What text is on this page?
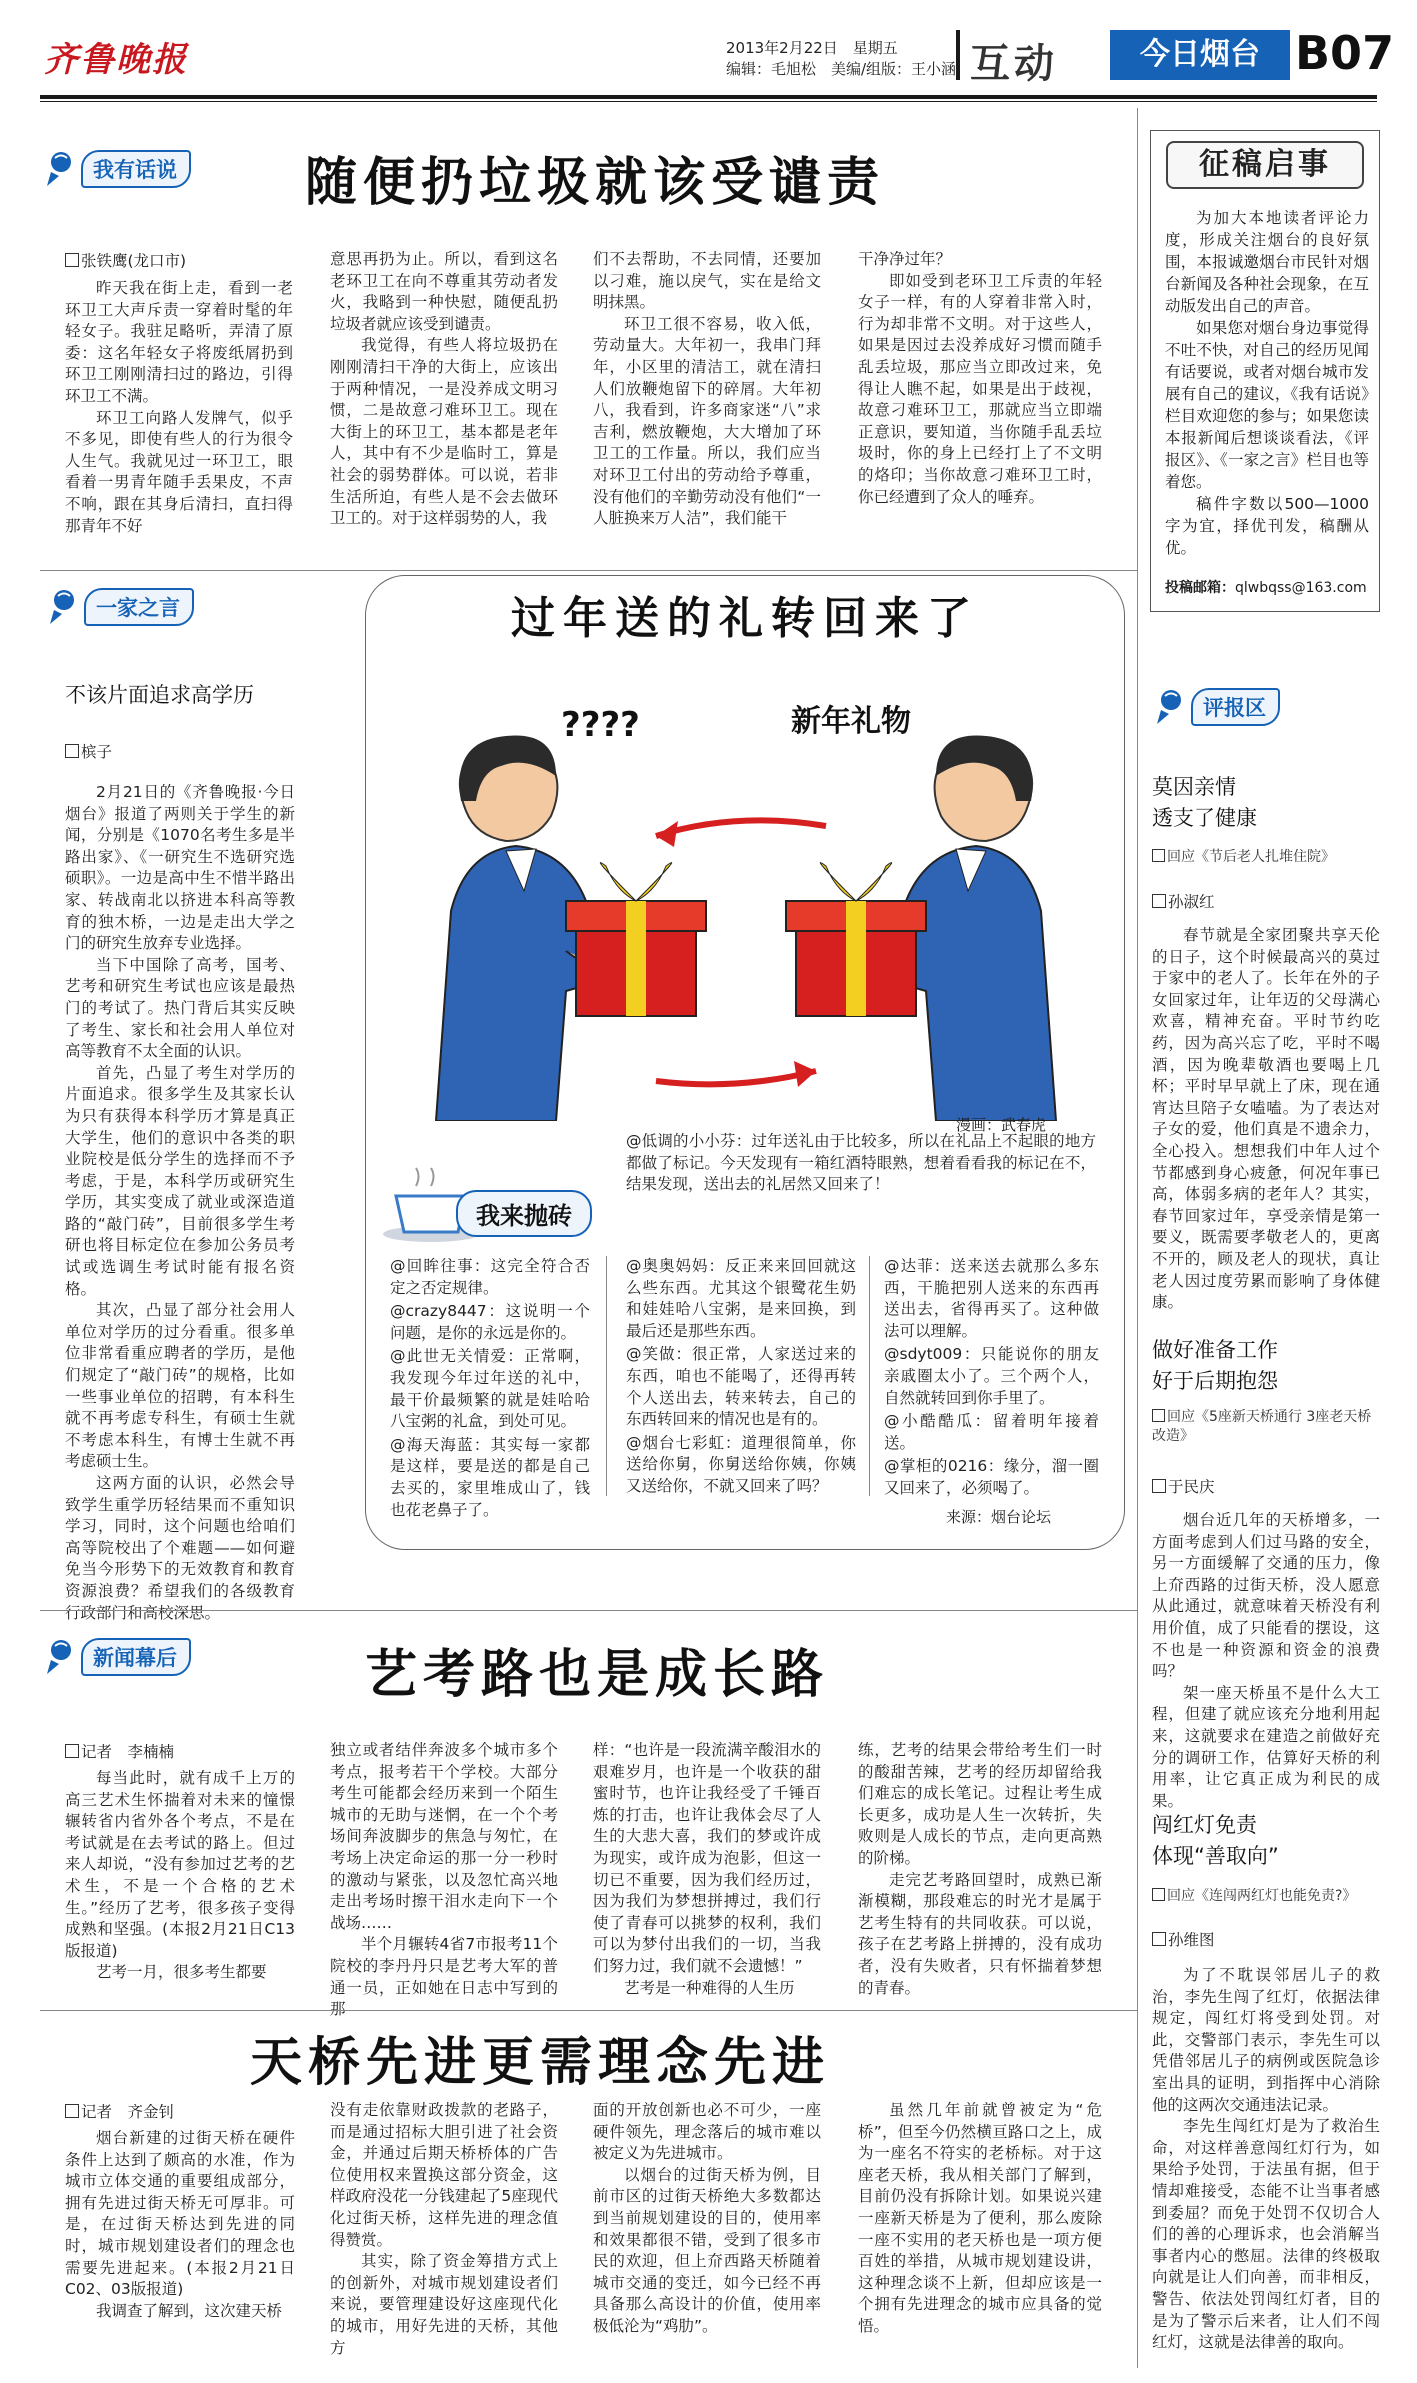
齐鲁晚报	2013年2月22日　星期五
编辑：毛旭松　美编/组版：王小涵 互动	今日烟台 B07
我有话说 随便扔垃圾就该受谴责
张铁鹰(龙口市)

昨天我在街上走，看到一老环卫工大声斥责一穿着时髦的年轻女子。我驻足略听，弄清了原委：这名年轻女子将废纸屑扔到环卫工刚刚清扫过的路边，引得环卫工不满。

环卫工向路人发牌气，似乎不多见，即使有些人的行为很令人生气。我就见过一环卫工，眼看着一男青年随手丢果皮，不声不响，跟在其身后清扫，直扫得那青年不好

意思再扔为止。所以，看到这名老环卫工在向不尊重其劳动者发火，我略到一种快慰，随便乱扔垃圾者就应该受到谴责。

我觉得，有些人将垃圾扔在刚刚清扫干净的大街上，应该出于两种情况，一是没养成文明习惯，二是故意刁难环卫工。现在大街上的环卫工，基本都是老年人，其中有不少是临时工，算是社会的弱势群体。可以说，若非生活所迫，有些人是不会去做环卫工的。对于这样弱势的人，我

们不去帮助，不去同情，还要加以刁难，施以戾气，实在是给文明抹黑。

环卫工很不容易，收入低，劳动量大。大年初一，我串门拜年，小区里的清洁工，就在清扫人们放鞭炮留下的碎屑。大年初八，我看到，许多商家迷“八”求吉利，燃放鞭炮，大大增加了环卫工的工作量。所以，我们应当对环卫工付出的劳动给予尊重，没有他们的辛勤劳动没有他们“一人脏换来万人洁”，我们能干

干净净过年？

即如受到老环卫工斥责的年轻女子一样，有的人穿着非常入时，行为却非常不文明。对于这些人，如果是因过去没养成好习惯而随手乱丢垃圾，那应当立即改过来，免得让人瞧不起，如果是出于歧视，故意刁难环卫工，那就应当立即端正意识，要知道，当你随手乱丢垃圾时，你的身上已经打上了不文明的烙印；当你故意刁难环卫工时，你已经遭到了众人的唾弃。

征稿启事

为加大本地读者评论力度，形成关注烟台的良好氛围，本报诚邀烟台市民针对烟台新闻及各种社会现象，在互动版发出自己的声音。

如果您对烟台身边事觉得不吐不快，对自己的经历见闻有话要说，或者对烟台城市发展有自己的建议，《我有话说》栏目欢迎您的参与；如果您读本报新闻后想谈谈看法，《评报区》、《一家之言》栏目也等着您。

稿件字数以500—1000字为宜，择优刊发，稿酬从优。

投稿邮箱：qlwbqss@163.com
一家之言
不该片面追求高学历
槟子

2月21日的《齐鲁晚报·今日烟台》报道了两则关于学生的新闻，分别是《1070名考生多是半路出家》、《一研究生不选研究选硕职》。一边是高中生不惜半路出家、转战南北以挤进本科高等教育的独木桥，一边是走出大学之门的研究生放弃专业选择。

当下中国除了高考，国考、艺考和研究生考试也应该是最热门的考试了。热门背后其实反映了考生、家长和社会用人单位对高等教育不太全面的认识。

首先，凸显了考生对学历的片面追求。很多学生及其家长认为只有获得本科学历才算是真正大学生，他们的意识中各类的职业院校是低分学生的选择而不予考虑，于是，本科学历或研究生学历，其实变成了就业或深造道路的“敲门砖”，目前很多学生考研也将目标定位在参加公务员考试或选调生考试时能有报名资格。

其次，凸显了部分社会用人单位对学历的过分看重。很多单位非常看重应聘者的学历，是他们规定了“敲门砖”的规格，比如一些事业单位的招聘，有本科生就不再考虑专科生，有硕士生就不考虑本科生，有博士生就不再考虑硕士生。

这两方面的认识，必然会导致学生重学历轻结果而不重知识学习，同时，这个问题也给咱们高等院校出了个难题——如何避免当今形势下的无效教育和教育资源浪费？希望我们的各级教育行政部门和高校深思。

过年送的礼转回来了
????	新年礼物
漫画：武春虎
我来抛砖
@低调的小小芬：过年送礼由于比较多，所以在礼品上不起眼的地方都做了标记。今天发现有一箱红酒特眼熟，想着看看我的标记在不，结果发现，送出去的礼居然又回来了！

@回眸往事：这完全符合否定之否定规律。

@crazy8447：这说明一个问题，是你的永远是你的。

@此世无关情爱：正常啊，我发现今年过年送的礼中，最干价最频繁的就是娃哈哈八宝粥的礼盒，到处可见。

@海天海蓝：其实每一家都是这样，要是送的都是自己去买的，家里堆成山了，钱也花老鼻子了。

@奥奥妈妈：反正来来回回就这么些东西。尤其这个银鹭花生奶和娃娃哈八宝粥，是来回换，到最后还是那些东西。

@笑做：很正常，人家送过来的东西，咱也不能喝了，还得再转个人送出去，转来转去，自己的东西转回来的情况也是有的。

@烟台七彩虹：道理很简单，你送给你舅，你舅送给你姨，你姨又送给你，不就又回来了吗？

@达菲：送来送去就那么多东西，干脆把别人送来的东西再送出去，省得再买了。这种做法可以理解。

@sdyt009：只能说你的朋友亲戚圈太小了。三个两个人，自然就转回到你手里了。

@小酷酷瓜：留着明年接着送。

@掌柜的0216：缘分，溜一圈又回来了，必须喝了。

来源：烟台论坛
评报区
莫因亲情
透支了健康
回应《节后老人扎堆住院》
孙淑红

春节就是全家团聚共享天伦的日子，这个时候最高兴的莫过于家中的老人了。长年在外的子女回家过年，让年迈的父母满心欢喜，精神充奋。平时节约吃药，因为高兴忘了吃，平时不喝酒，因为晚辈敬酒也要喝上几杯；平时早早就上了床，现在通宵达旦陪子女嗑嗑。为了表达对子女的爱，他们真是不遗余力，全心投入。想想我们中年人过个节都感到身心疲惫，何况年事已高，体弱多病的老年人？其实，春节回家过年，享受亲情是第一要义，既需要孝敬老人的，更离不开的，顾及老人的现状，真让老人因过度劳累而影响了身体健康。

做好准备工作
好于后期抱怨
回应《5座新天桥通行 3座老天桥改造》
于民庆

烟台近几年的天桥增多，一方面考虑到人们过马路的安全，另一方面缓解了交通的压力，像上夼西路的过街天桥，没人愿意从此通过，就意味着天桥没有利用价值，成了只能看的摆设，这不也是一种资源和资金的浪费吗？

架一座天桥虽不是什么大工程，但建了就应该充分地利用起来，这就要求在建造之前做好充分的调研工作，估算好天桥的利用率，让它真正成为利民的成果。

闯红灯免责
体现“善取向”
回应《连闯两红灯也能免责?》
孙维图

为了不耽误邻居儿子的救治，李先生闯了红灯，依据法律规定，闯红灯将受到处罚。对此，交警部门表示，李先生可以凭借邻居儿子的病例或医院急诊室出具的证明，到指挥中心消除他的这两次交通违法记录。

李先生闯红灯是为了救治生命，对这样善意闯红灯行为，如果给予处罚，于法虽有据，但于情却难接受，态能不让当事者感到委屈？而免于处罚不仅切合人们的善的心理诉求，也会消解当事者内心的憋屈。法律的终极取向就是让人们向善，而非相反，警告、依法处罚闯红灯者，目的是为了警示后来者，让人们不闯红灯，这就是法律善的取向。

新闻幕后	艺考路也是成长路
记者　李楠楠

每当此时，就有成千上万的高三艺术生怀揣着对未来的憧憬辗转省内省外各个考点，不是在考试就是在去考试的路上。但过来人却说，“没有参加过艺考的艺术生，不是一个合格的艺术生。”经历了艺考，很多孩子变得成熟和坚强。(本报2月21日C13版报道)

艺考一月，很多考生都要

独立或者结伴奔波多个城市多个考点，报考若干个学校。大部分考生可能都会经历来到一个陌生城市的无助与迷惘，在一个个考场间奔波脚步的焦急与匆忙，在考场上决定命运的那一分一秒时的激动与紧张，以及忽忙高兴地走出考场时擦干泪水走向下一个战场……

半个月辗转4省7市报考11个院校的李丹丹只是艺考大军的普通一员，正如她在日志中写到的那

样：“也许是一段流满辛酸泪水的艰难岁月，也许是一个收获的甜蜜时节，也许让我经受了千锤百炼的打击，也许让我体会尽了人生的大悲大喜，我们的梦或许成为现实，或许成为泡影，但这一切已不重要，因为我们经历过，因为我们为梦想拼搏过，我们行使了青春可以挑梦的权利，我们可以为梦付出我们的一切，当我们努力过，我们就不会遗憾！”

艺考是一种难得的人生历

练，艺考的结果会带给考生们一时的酸甜苦辣，艺考的经历却留给我们难忘的成长笔记。过程让考生成长更多，成功是人生一次转折，失败则是人成长的节点，走向更高熟的阶梯。

走完艺考路回望时，成熟已渐渐模糊，那段难忘的时光才是属于艺考生特有的共同收获。可以说，孩子在艺考路上拼搏的，没有成功者，没有失败者，只有怀揣着梦想的青春。

天桥先进更需理念先进
记者　齐金钊

烟台新建的过街天桥在硬件条件上达到了颇高的水准，作为城市立体交通的重要组成部分，拥有先进过街天桥无可厚非。可是，在过街天桥达到先进的同时，城市规划建设者们的理念也需要先进起来。(本报2月21日C02、03版报道)

我调查了解到，这次建天桥

没有走依靠财政拨款的老路子，而是通过招标大胆引进了社会资金，并通过后期天桥桥体的广告位使用权来置换这部分资金，这样政府没花一分钱建起了5座现代化过街天桥，这样先进的理念值得赞赏。

其实，除了资金筹措方式上的创新外，对城市规划建设者们来说，要管理建设好这座现代化的城市，用好先进的天桥，其他方

面的开放创新也必不可少，一座硬件领先，理念落后的城市难以被定义为先进城市。

以烟台的过街天桥为例，目前市区的过街天桥绝大多数都达到当前规划建设的目的，使用率和效果都很不错，受到了很多市民的欢迎，但上夼西路天桥随着城市交通的变迁，如今已经不再具备那么高设计的价值，使用率极低沦为“鸡肋”。

虽然几年前就曾被定为“危桥”，但至今仍然横亘路口之上，成为一座名不符实的老桥标。对于这座老天桥，我从相关部门了解到，目前仍没有拆除计划。如果说兴建一座新天桥是为了便利，那么废除一座不实用的老天桥也是一项方便百姓的举措，从城市规划建设讲，这种理念谈不上新，但却应该是一个拥有先进理念的城市应具备的觉悟。
